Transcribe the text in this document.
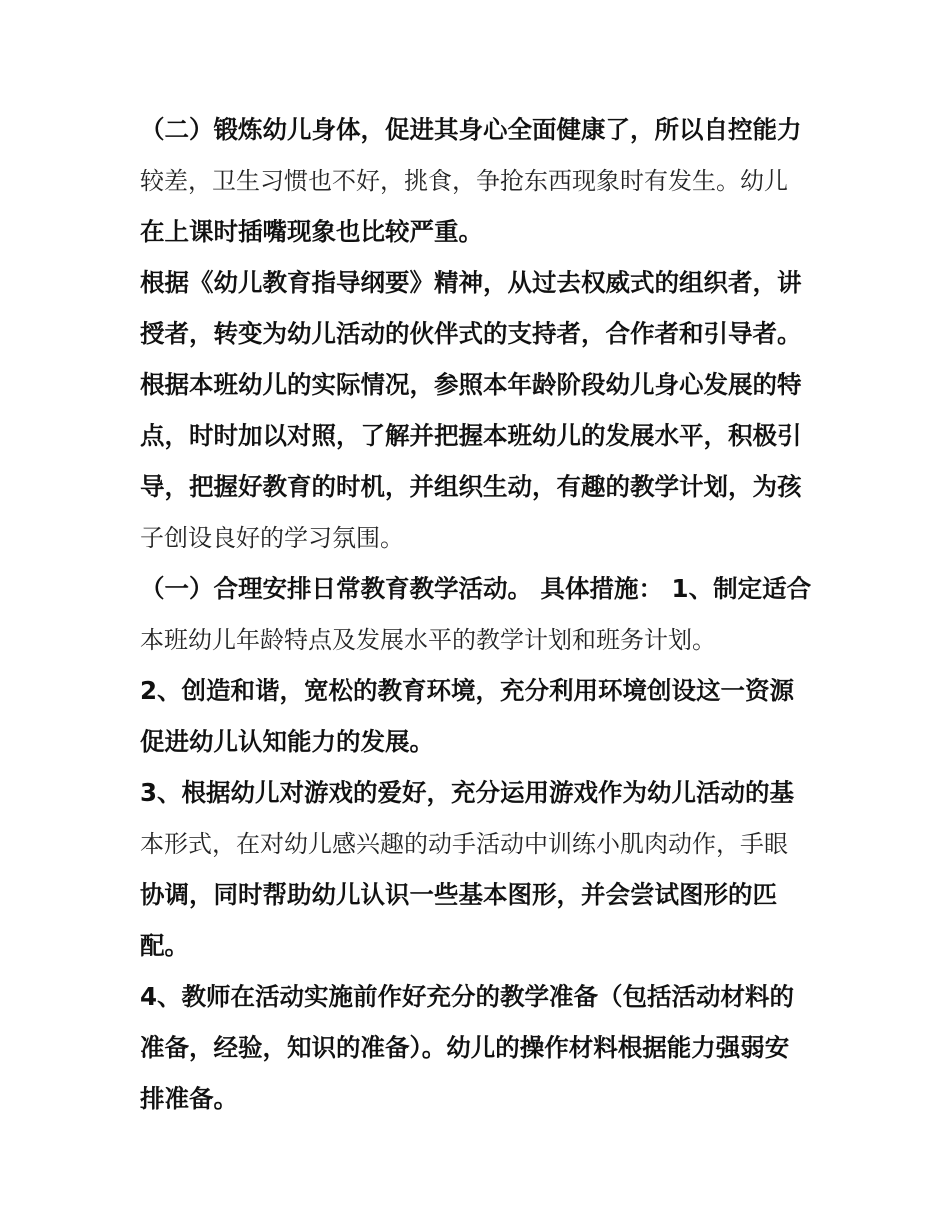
（二）锻炼幼儿身体，促进其身心全面健康了，所以自控能力
较差，卫生习惯也不好，挑食，争抢东西现象时有发生。幼儿
在上课时插嘴现象也比较严重。
根据《幼儿教育指导纲要》精神，从过去权威式的组织者，讲
授者，转变为幼儿活动的伙伴式的支持者，合作者和引导者。
根据本班幼儿的实际情况，参照本年龄阶段幼儿身心发展的特
点，时时加以对照，了解并把握本班幼儿的发展水平，积极引
导，把握好教育的时机，并组织生动，有趣的教学计划，为孩
子创设良好的学习氛围。
（一）合理安排日常教育教学活动。 具体措施： 1、制定适合
本班幼儿年龄特点及发展水平的教学计划和班务计划。
2、创造和谐，宽松的教育环境，充分利用环境创设这一资源
促进幼儿认知能力的发展。
3、根据幼儿对游戏的爱好，充分运用游戏作为幼儿活动的基
本形式，在对幼儿感兴趣的动手活动中训练小肌肉动作，手眼
协调，同时帮助幼儿认识一些基本图形，并会尝试图形的匹
配。
4、教师在活动实施前作好充分的教学准备（包括活动材料的
准备，经验，知识的准备）。幼儿的操作材料根据能力强弱安
排准备。
